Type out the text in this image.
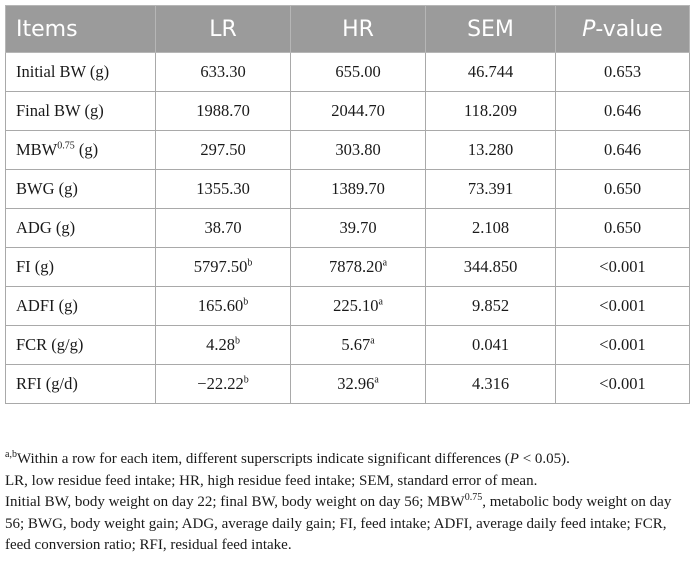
Items	LR	HR	SEM	P-value
Initial BW (g)	633.30	655.00	46.744	0.653
Final BW (g)	1988.70	2044.70	118.209	0.646
$MBW^{0.75}$ (g)	297.50	303.80	13.280	0.646
BWG (g)	1355.30	1389.70	73.391	0.650
ADG (g)	38.70	39.70	2.108	0.650
FI (g)	5797.50$^b$	7878.20$^a$	344.850	<0.001
ADFI (g)	165.60$^b$	225.10$^a$	9.852	<0.001
FCR (g/g)	4.28$^b$	5.67$^a$	0.041	<0.001
RFI (g/d)	−22.22$^b$	32.96$^a$	4.316	<0.001

$^{a,b}$Within a row for each item, different superscripts indicate significant differences (P < 0.05).

LR, low residue feed intake; HR, high residue feed intake; SEM, standard error of mean.

Initial BW, body weight on day 22; final BW, body weight on day 56; $MBW^{0.75}$, metabolic body weight on day 56; BWG, body weight gain; ADG, average daily gain; FI, feed intake; ADFI, average daily feed intake; FCR, feed conversion ratio; RFI, residual feed intake.
